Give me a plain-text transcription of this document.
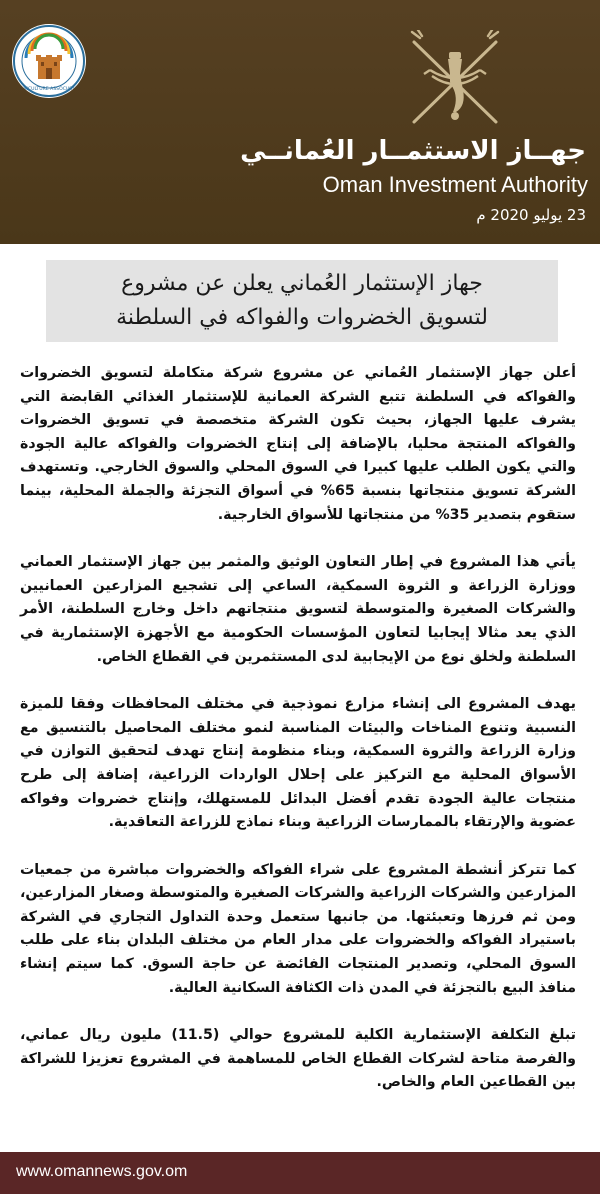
AGRICULTURE ASSOCIATION
جهــاز الاستثمــار العُمانــي
Oman Investment Authority
23 يوليو 2020 م
جهاز الإستثمار العُماني يعلن عن مشروع
لتسويق الخضروات والفواكه في السلطنة

أعلن جهاز الإستثمار العُماني عن مشروع شركة متكاملة لتسويق الخضروات والفواكه في السلطنة تتبع الشركة العمانية للإستثمار الغذائي القابضة التي يشرف عليها الجهاز، بحيث تكون الشركة متخصصة في تسويق الخضروات والفواكه المنتجة محليا، بالإضافة إلى إنتاج الخضروات والفواكه عالية الجودة والتي يكون الطلب عليها كبيرا في السوق المحلي والسوق الخارجي. وتستهدف الشركة تسويق منتجاتها بنسبة 65% في أسواق التجزئة والجملة المحلية، بينما ستقوم بتصدير 35% من منتجاتها للأسواق الخارجية.

يأتي هذا المشروع في إطار التعاون الوثيق والمثمر بين جهاز الإستثمار العماني ووزارة الزراعة و الثروة السمكية، الساعي إلى تشجيع المزارعين العمانيين والشركات الصغيرة والمتوسطة لتسويق منتجاتهم داخل وخارج السلطنة، الأمر الذي يعد مثالا إيجابيا لتعاون المؤسسات الحكومية مع الأجهزة الإستثمارية في السلطنة ولخلق نوع من الإيجابية لدى المستثمرين في القطاع الخاص.

يهدف المشروع الى إنشاء مزارع نموذجية في مختلف المحافظات وفقا للميزة النسبية وتنوع المناخات والبيئات المناسبة لنمو مختلف المحاصيل بالتنسيق مع وزارة الزراعة والثروة السمكية، وبناء منظومة إنتاج تهدف لتحقيق التوازن في الأسواق المحلية مع التركيز على إحلال الواردات الزراعية، إضافة إلى طرح منتجات عالية الجودة تقدم أفضل البدائل للمستهلك، وإنتاج خضروات وفواكه عضوية والإرتقاء بالممارسات الزراعية وبناء نماذج للزراعة التعاقدية.

كما تتركز أنشطة المشروع على شراء الفواكه والخضروات مباشرة من جمعيات المزارعين والشركات الزراعية والشركات الصغيرة والمتوسطة وصغار المزارعين، ومن ثم فرزها وتعبئتها. من جانبها ستعمل وحدة التداول التجاري في الشركة باستيراد الفواكه والخضروات على مدار العام من مختلف البلدان بناء على طلب السوق المحلي، وتصدير المنتجات الفائضة عن حاجة السوق. كما سيتم إنشاء منافذ البيع بالتجزئة في المدن ذات الكثافة السكانية العالية.

تبلغ التكلفة الإستثمارية الكلية للمشروع حوالي (11.5) مليون ريال عماني، والفرصة متاحة لشركات القطاع الخاص للمساهمة في المشروع تعزيزا للشراكة بين القطاعين العام والخاص.

www.omannews.gov.om
